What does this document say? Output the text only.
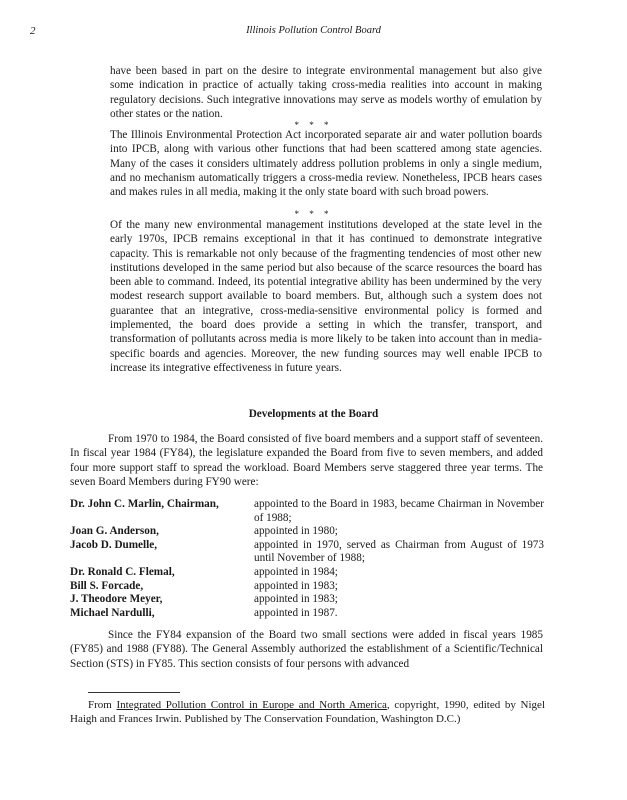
2	Illinois Pollution Control Board
have been based in part on the desire to integrate environmental management but also give some indication in practice of actually taking cross-media realities into account in making regulatory decisions. Such integrative innovations may serve as models worthy of emulation by other states or the nation.
* * *
The Illinois Environmental Protection Act incorporated separate air and water pollution boards into IPCB, along with various other functions that had been scattered among state agencies. Many of the cases it considers ultimately address pollution problems in only a single medium, and no mechanism automatically triggers a cross-media review. Nonetheless, IPCB hears cases and makes rules in all media, making it the only state board with such broad powers.
* * *
Of the many new environmental management institutions developed at the state level in the early 1970s, IPCB remains exceptional in that it has continued to demonstrate integrative capacity. This is remarkable not only because of the fragmenting tendencies of most other new institutions developed in the same period but also because of the scarce resources the board has been able to command. Indeed, its potential integrative ability has been undermined by the very modest research support available to board members. But, although such a system does not guarantee that an integrative, cross-media-sensitive environmental policy is formed and implemented, the board does provide a setting in which the transfer, transport, and transformation of pollutants across media is more likely to be taken into account than in media-specific boards and agencies. Moreover, the new funding sources may well enable IPCB to increase its integrative effectiveness in future years.
Developments at the Board
From 1970 to 1984, the Board consisted of five board members and a support staff of seventeen. In fiscal year 1984 (FY84), the legislature expanded the Board from five to seven members, and added four more support staff to spread the workload. Board Members serve staggered three year terms. The seven Board Members during FY90 were:
Dr. John C. Marlin, Chairman,	appointed to the Board in 1983, became Chairman in November of 1988;
Joan G. Anderson,	appointed in 1980;
Jacob D. Dumelle,	appointed in 1970, served as Chairman from August of 1973 until November of 1988;
Dr. Ronald C. Flemal,	appointed in 1984;
Bill S. Forcade,	appointed in 1983;
J. Theodore Meyer,	appointed in 1983;
Michael Nardulli,	appointed in 1987.
Since the FY84 expansion of the Board two small sections were added in fiscal years 1985 (FY85) and 1988 (FY88). The General Assembly authorized the establishment of a Scientific/Technical Section (STS) in FY85. This section consists of four persons with advanced
From Integrated Pollution Control in Europe and North America, copyright, 1990, edited by Nigel Haigh and Frances Irwin. Published by The Conservation Foundation, Washington D.C.)
